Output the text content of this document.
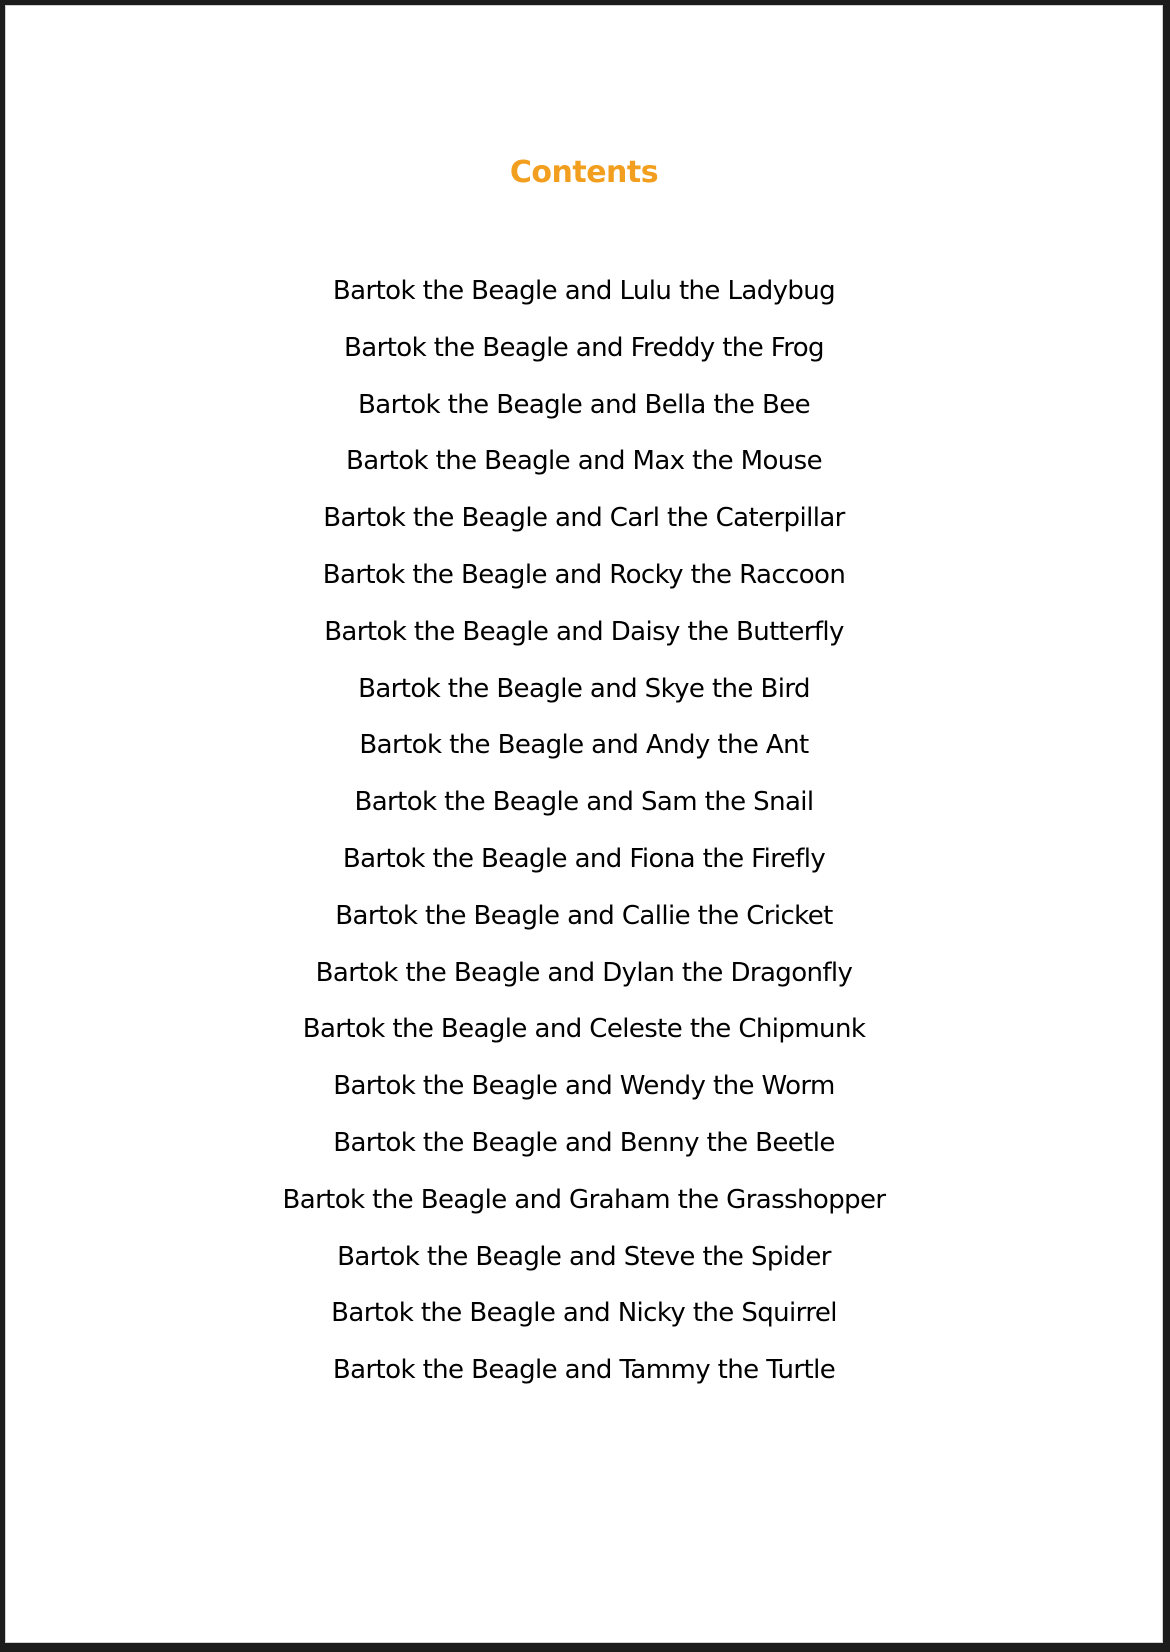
Contents
Bartok the Beagle and Lulu the Ladybug
Bartok the Beagle and Freddy the Frog
Bartok the Beagle and Bella the Bee
Bartok the Beagle and Max the Mouse
Bartok the Beagle and Carl the Caterpillar
Bartok the Beagle and Rocky the Raccoon
Bartok the Beagle and Daisy the Butterfly
Bartok the Beagle and Skye the Bird
Bartok the Beagle and Andy the Ant
Bartok the Beagle and Sam the Snail
Bartok the Beagle and Fiona the Firefly
Bartok the Beagle and Callie the Cricket
Bartok the Beagle and Dylan the Dragonfly
Bartok the Beagle and Celeste the Chipmunk
Bartok the Beagle and Wendy the Worm
Bartok the Beagle and Benny the Beetle
Bartok the Beagle and Graham the Grasshopper
Bartok the Beagle and Steve the Spider
Bartok the Beagle and Nicky the Squirrel
Bartok the Beagle and Tammy the Turtle
